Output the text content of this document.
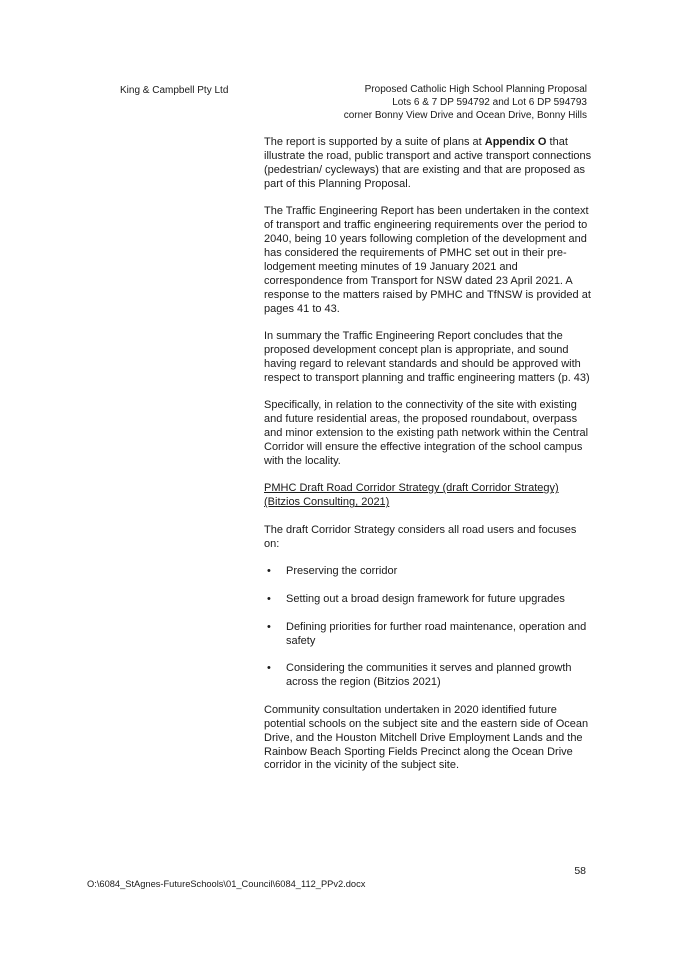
King & Campbell Pty Ltd	Proposed Catholic High School Planning Proposal
Lots 6 & 7 DP 594792 and Lot 6 DP 594793
corner Bonny View Drive and Ocean Drive, Bonny Hills

The report is supported by a suite of plans at Appendix O that illustrate the road, public transport and active transport connections (pedestrian/ cycleways) that are existing and that are proposed as part of this Planning Proposal.

The Traffic Engineering Report has been undertaken in the context of transport and traffic engineering requirements over the period to 2040, being 10 years following completion of the development and has considered the requirements of PMHC set out in their pre-lodgement meeting minutes of 19 January 2021 and correspondence from Transport for NSW dated 23 April 2021. A response to the matters raised by PMHC and TfNSW is provided at pages 41 to 43.

In summary the Traffic Engineering Report concludes that the proposed development concept plan is appropriate, and sound having regard to relevant standards and should be approved with respect to transport planning and traffic engineering matters (p. 43)

Specifically, in relation to the connectivity of the site with existing and future residential areas, the proposed roundabout, overpass and minor extension to the existing path network within the Central Corridor will ensure the effective integration of the school campus with the locality.

PMHC Draft Road Corridor Strategy (draft Corridor Strategy) (Bitzios Consulting, 2021)

The draft Corridor Strategy considers all road users and focuses on:

• Preserving the corridor
• Setting out a broad design framework for future upgrades
• Defining priorities for further road maintenance, operation and safety
• Considering the communities it serves and planned growth across the region (Bitzios 2021)

Community consultation undertaken in 2020 identified future potential schools on the subject site and the eastern side of Ocean Drive, and the Houston Mitchell Drive Employment Lands and the Rainbow Beach Sporting Fields Precinct along the Ocean Drive corridor in the vicinity of the subject site.

58
O:\6084_StAgnes-FutureSchools\01_Council\6084_112_PPv2.docx
